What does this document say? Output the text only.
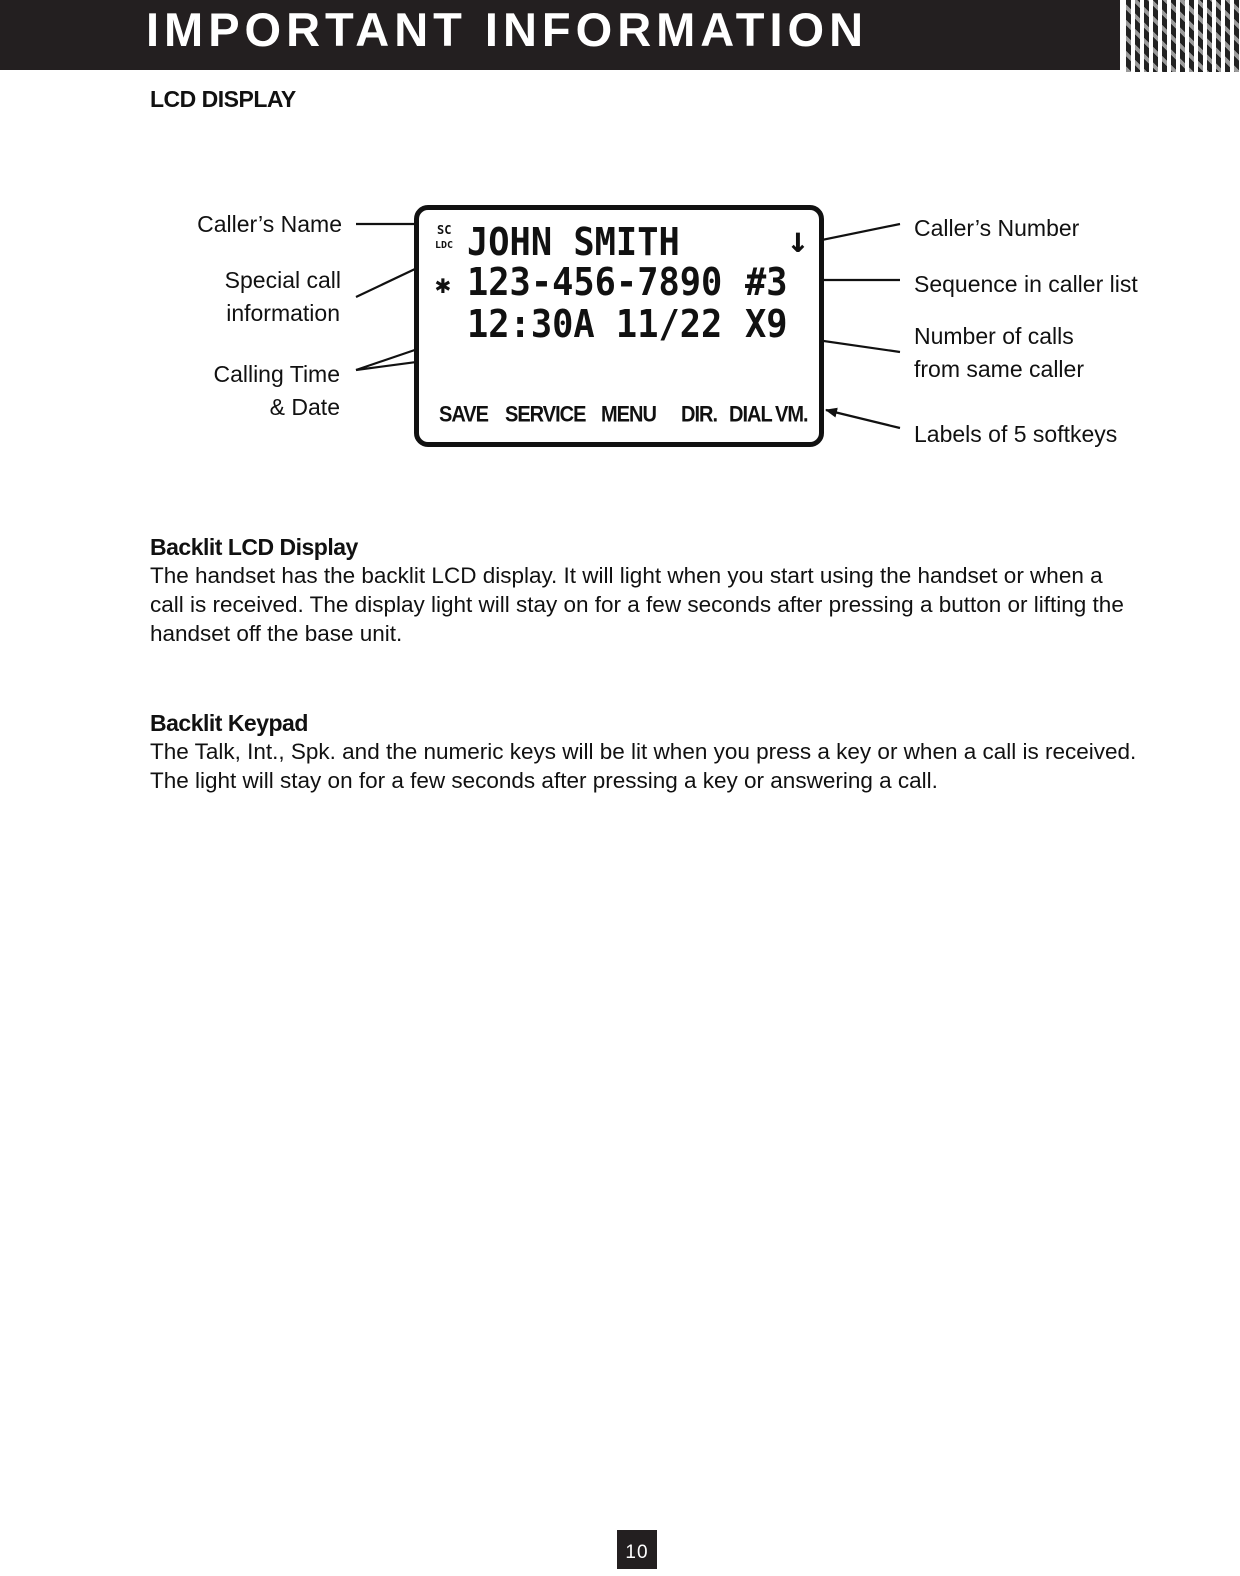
IMPORTANT INFORMATION
LCD DISPLAY
Caller’s Name
Special call
information
Calling Time
& Date
Caller’s Number
Sequence in caller list
Number of calls
from same caller
Labels of 5 softkeys
SC
LDC
✱
JOHN SMITH	↓
123-456-7890 #3
12:30A 11/22 X9
SAVE SERVICE MENU DIR. DIAL VM.
Backlit LCD Display

The handset has the backlit LCD display. It will light when you start using the handset or when a call is received. The display light will stay on for a few seconds after pressing a button or lifting the handset off the base unit.

Backlit Keypad

The Talk, Int., Spk. and the numeric keys will be lit when you press a key or when a call is received. The light will stay on for a few seconds after pressing a key or answering a call.

10
